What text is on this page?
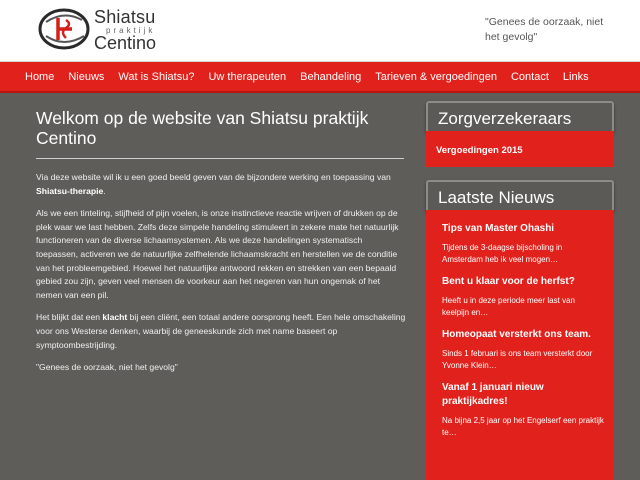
Shiatsu
praktijk
Centino
"Genees de oorzaak, niet het gevolg"
Home	Nieuws	Wat is Shiatsu?	Uw therapeuten	Behandeling	Tarieven & vergoedingen	Contact	Links
Welkom op de website van Shiatsu praktijk Centino

Via deze website wil ik u een goed beeld geven van de bijzondere werking en toepassing van Shiatsu-therapie.

Als we een tinteling, stijfheid of pijn voelen, is onze instinctieve reactie wrijven of drukken op de plek waar we last hebben. Zelfs deze simpele handeling stimuleert in zekere mate het natuurlijk functioneren van de diverse lichaamsystemen. Als we deze handelingen systematisch toepassen, activeren we de natuurlijke zelfhelende lichaamskracht en herstellen we de conditie van het probleemgebied. Hoewel het natuurlijke antwoord rekken en strekken van een bepaald gebied zou zijn, geven veel mensen de voorkeur aan het negeren van hun ongemak of het nemen van een pil.

Het blijkt dat een klacht bij een cliënt, een totaal andere oorsprong heeft. Een hele omschakeling voor ons Westerse denken, waarbij de geneeskunde zich met name baseert op symptoombestrijding.

"Genees de oorzaak, niet het gevolg"

Zorgverzekeraars
Vergoedingen 2015
Laatste Nieuws
Tips van Master Ohashi

Tijdens de 3-daagse bijscholing in Amsterdam heb ik veel mogen…

Bent u klaar voor de herfst?

Heeft u in deze periode meer last van keelpijn en…

Homeopaat versterkt ons team.

Sinds 1 februari is ons team versterkt door Yvonne Klein…

Vanaf 1 januari nieuw praktijkadres!

Na bijna 2,5 jaar op het Engelserf een praktijk te…
